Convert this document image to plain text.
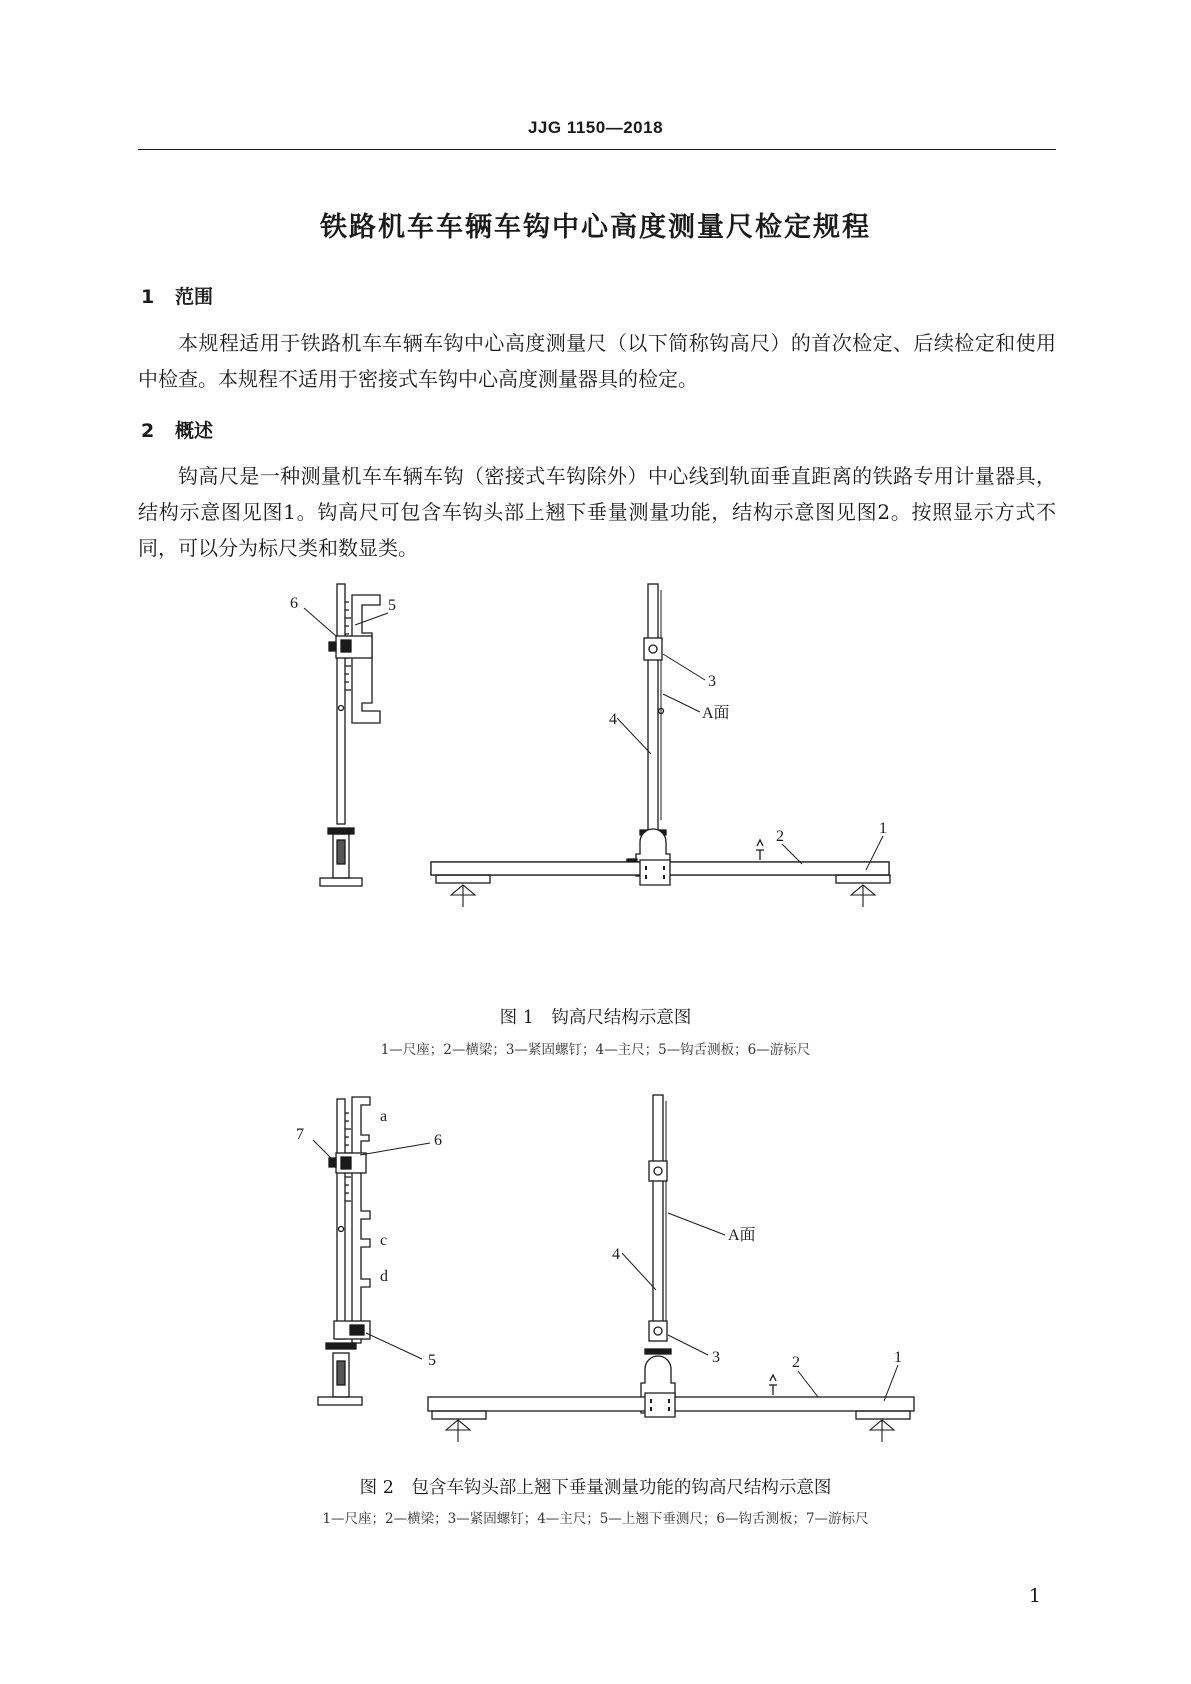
JJG 1150—2018
铁路机车车辆车钩中心高度测量尺检定规程
1 范围

本规程适用于铁路机车车辆车钩中心高度测量尺（以下简称钩高尺）的首次检定、后续检定和使用中检查。本规程不适用于密接式车钩中心高度测量器具的检定。

2 概述

钩高尺是一种测量机车车辆车钩（密接式车钩除外）中心线到轨面垂直距离的铁路专用计量器具，结构示意图见图1。钩高尺可包含车钩头部上翘下垂量测量功能，结构示意图见图2。按照显示方式不同，可以分为标尺类和数显类。

6	5
3
A面
4
2	1
图 1　钩高尺结构示意图
1—尺座；2—横梁；3—紧固螺钉；4—主尺；5—钩舌测板；6—游标尺
7	6
a
c
d
5
A面
4
3	2	1
图 2　包含车钩头部上翘下垂量测量功能的钩高尺结构示意图
1—尺座；2—横梁；3—紧固螺钉；4—主尺；5—上翘下垂测尺；6—钩舌测板；7—游标尺
1
